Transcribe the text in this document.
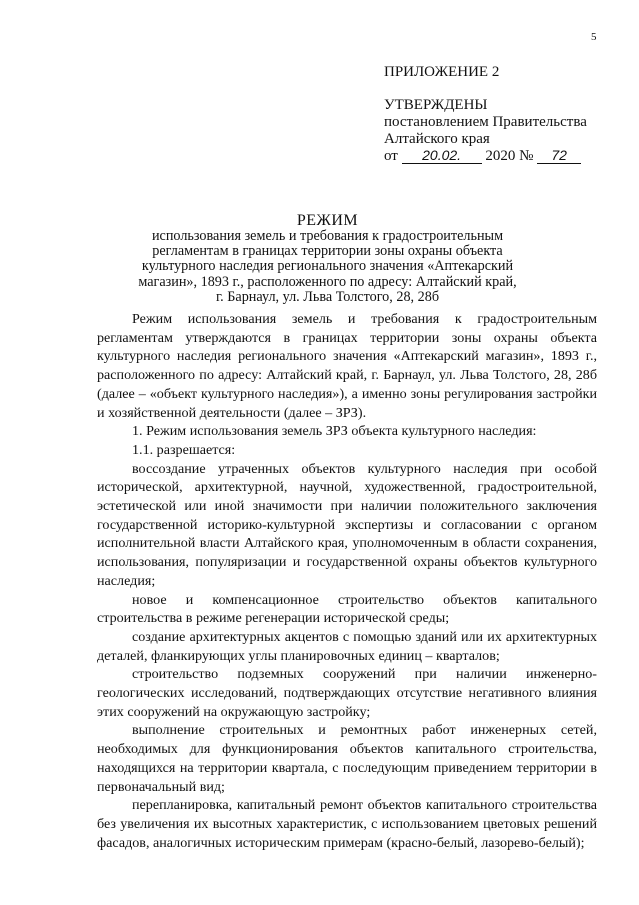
5
ПРИЛОЖЕНИЕ 2
УТВЕРЖДЕНЫ
постановлением Правительства
Алтайского края
от 20.02. 2020 № 72
РЕЖИМ
использования земель и требования к градостроительным
регламентам в границах территории зоны охраны объекта
культурного наследия регионального значения «Аптекарский
магазин», 1893 г., расположенного по адресу: Алтайский край,
г. Барнаул, ул. Льва Толстого, 28, 28б

Режим использования земель и требования к градостроительным регламентам утверждаются в границах территории зоны охраны объекта культурного наследия регионального значения «Аптекарский магазин», 1893 г., расположенного по адресу: Алтайский край, г. Барнаул, ул. Льва Толстого, 28, 28б (далее – «объект культурного наследия»), а именно зоны регулирования застройки и хозяйственной деятельности (далее – ЗРЗ).

1. Режим использования земель ЗРЗ объекта культурного наследия:

1.1. разрешается:

воссоздание утраченных объектов культурного наследия при особой исторической, архитектурной, научной, художественной, градостроительной, эстетической или иной значимости при наличии положительного заключения государственной историко-культурной экспертизы и согласовании с органом исполнительной власти Алтайского края, уполномоченным в области сохранения, использования, популяризации и государственной охраны объектов культурного наследия;

новое и компенсационное строительство объектов капитального строительства в режиме регенерации исторической среды;

создание архитектурных акцентов с помощью зданий или их архитектурных деталей, фланкирующих углы планировочных единиц – кварталов;

строительство подземных сооружений при наличии инженерно-геологических исследований, подтверждающих отсутствие негативного влияния этих сооружений на окружающую застройку;

выполнение строительных и ремонтных работ инженерных сетей, необходимых для функционирования объектов капитального строительства, находящихся на территории квартала, с последующим приведением территории в первоначальный вид;

перепланировка, капитальный ремонт объектов капитального строительства без увеличения их высотных характеристик, с использованием цветовых решений фасадов, аналогичных историческим примерам (красно-белый, лазорево-белый);
